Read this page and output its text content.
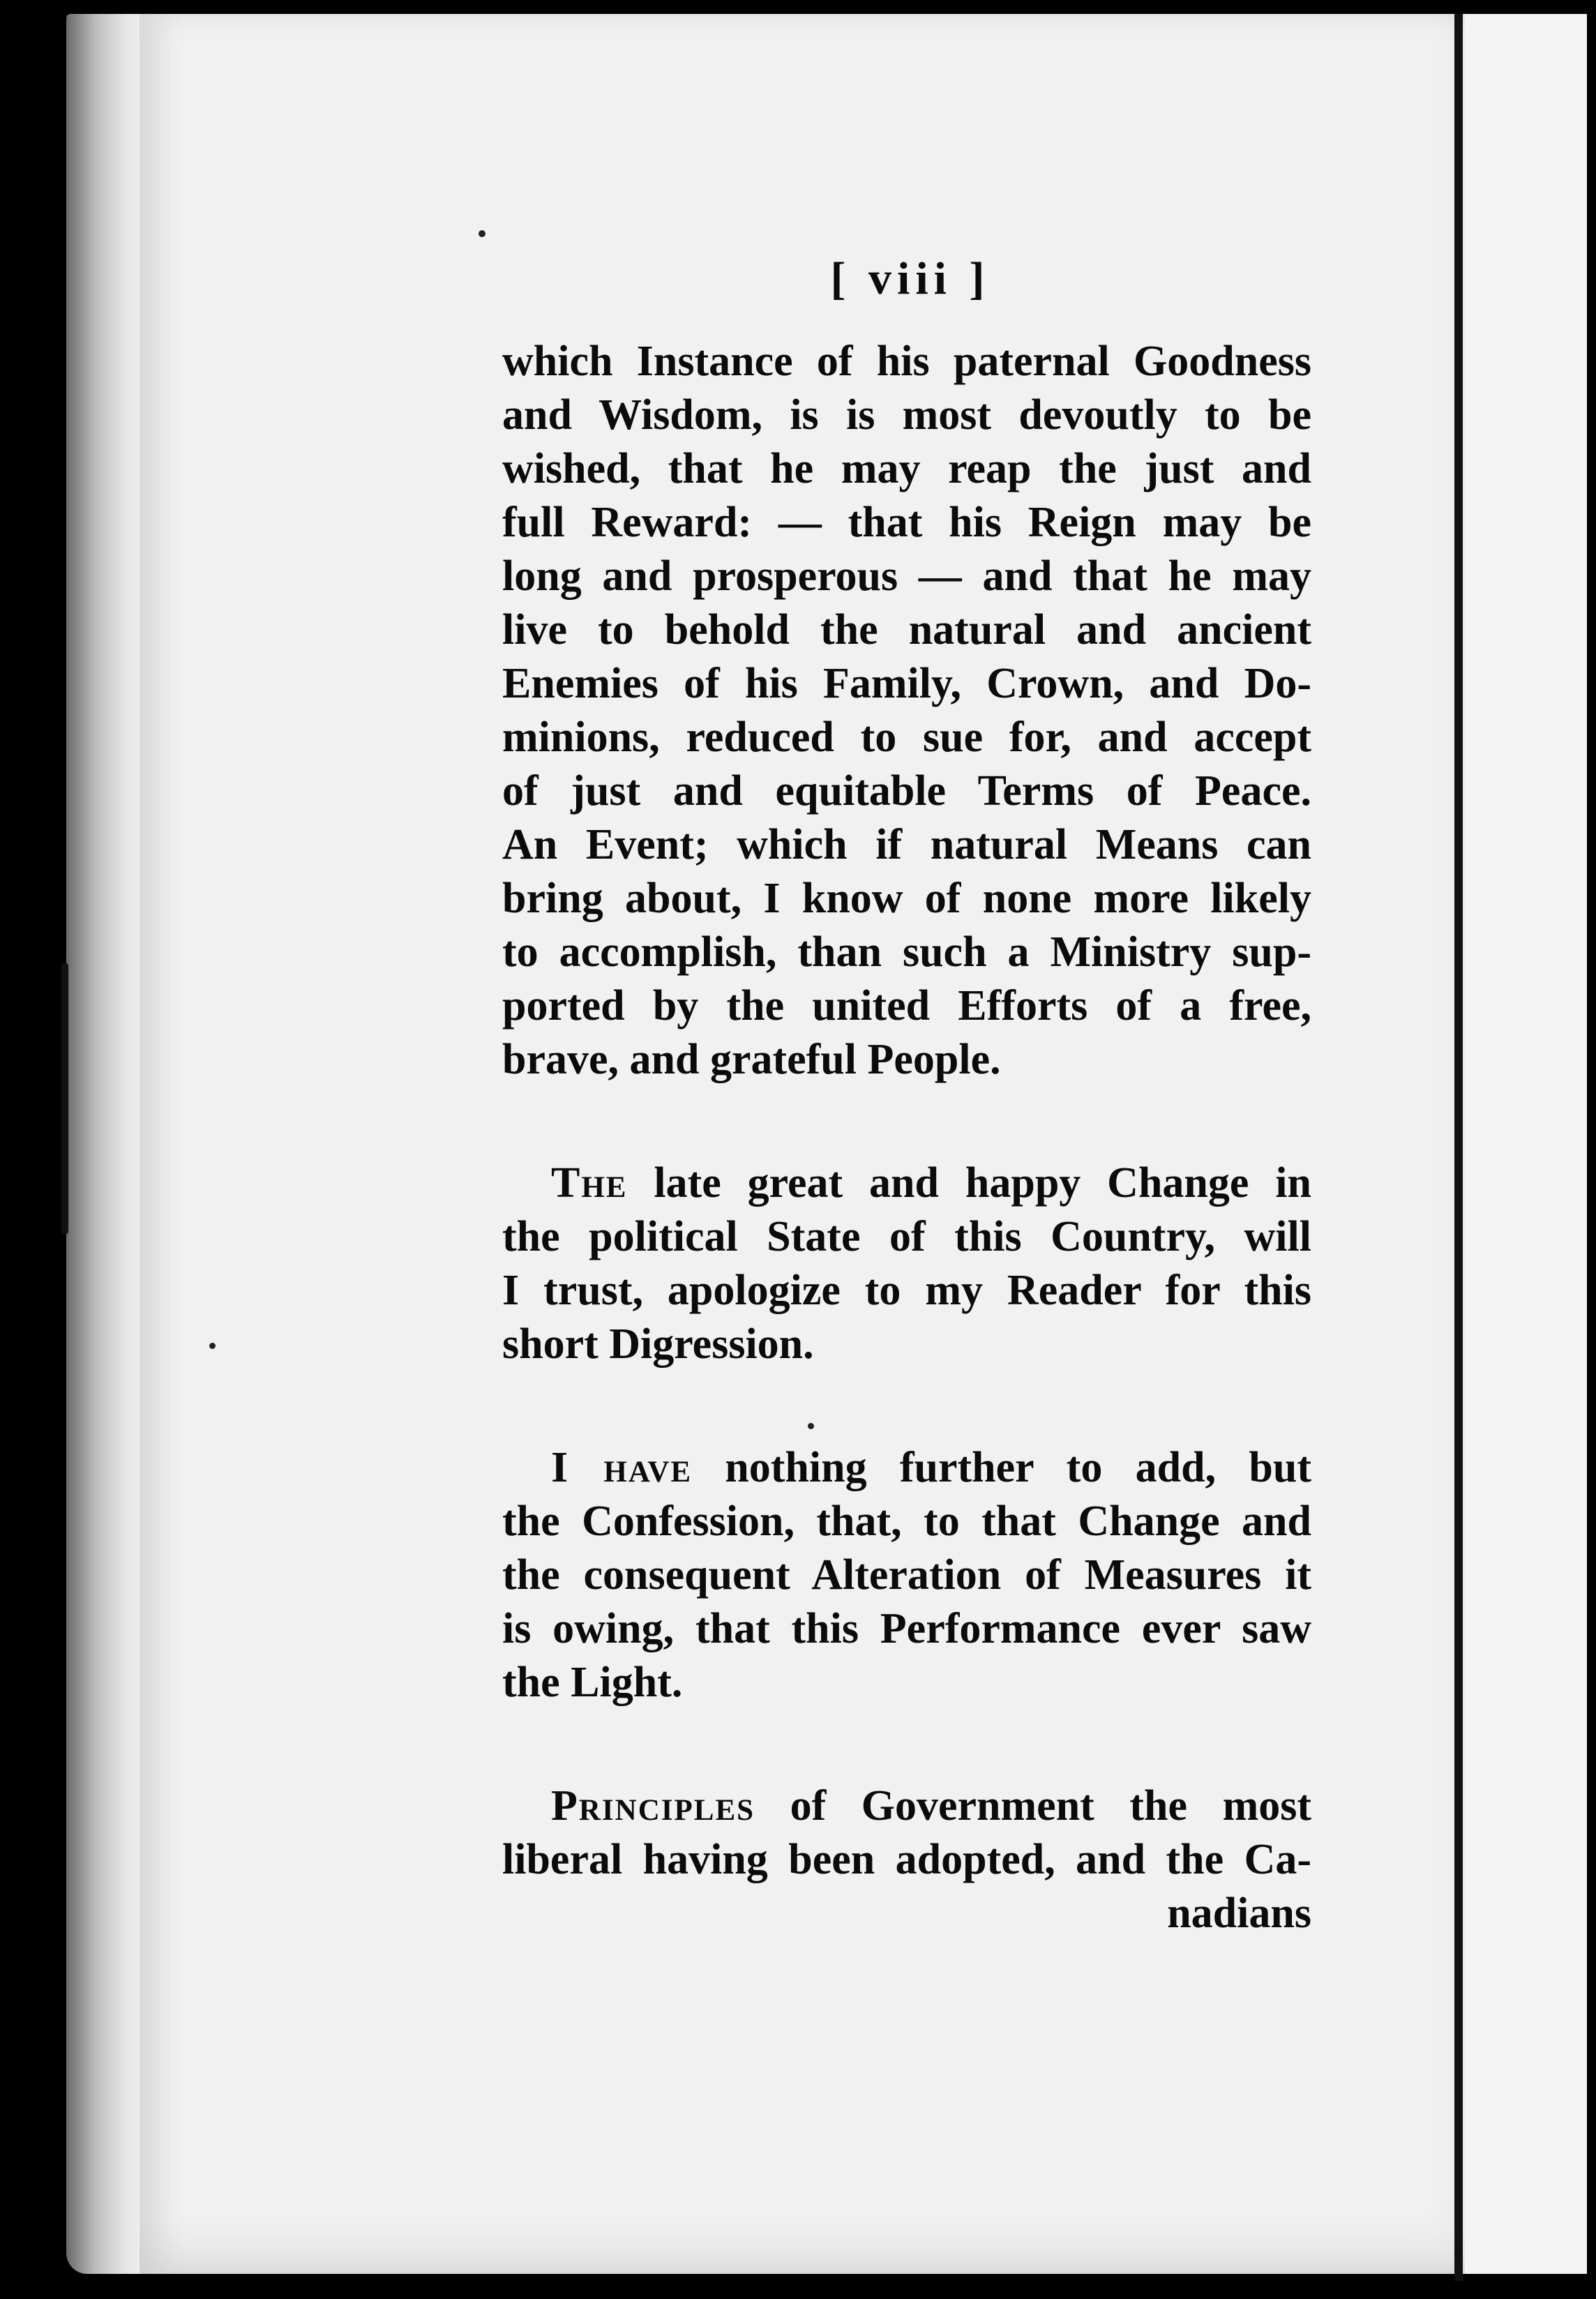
[ viii ]
which Instance of his paternal Goodness
and Wisdom, is is most devoutly to be
wished, that he may reap the just and
full Reward: — that his Reign may be
long and prosperous — and that he may
live to behold the natural and ancient
Enemies of his Family, Crown, and Do-
minions, reduced to sue for, and accept
of just and equitable Terms of Peace.
An Event; which if natural Means can
bring about, I know of none more likely
to accomplish, than such a Ministry sup-
ported by the united Efforts of a free,
brave, and grateful People.
The late great and happy Change in
the political State of this Country, will
I trust, apologize to my Reader for this
short Digression.
I have nothing further to add, but
the Confession, that, to that Change and
the consequent Alteration of Measures it
is owing, that this Performance ever saw
the Light.
Principles of Government the most
liberal having been adopted, and the Ca-
nadians
